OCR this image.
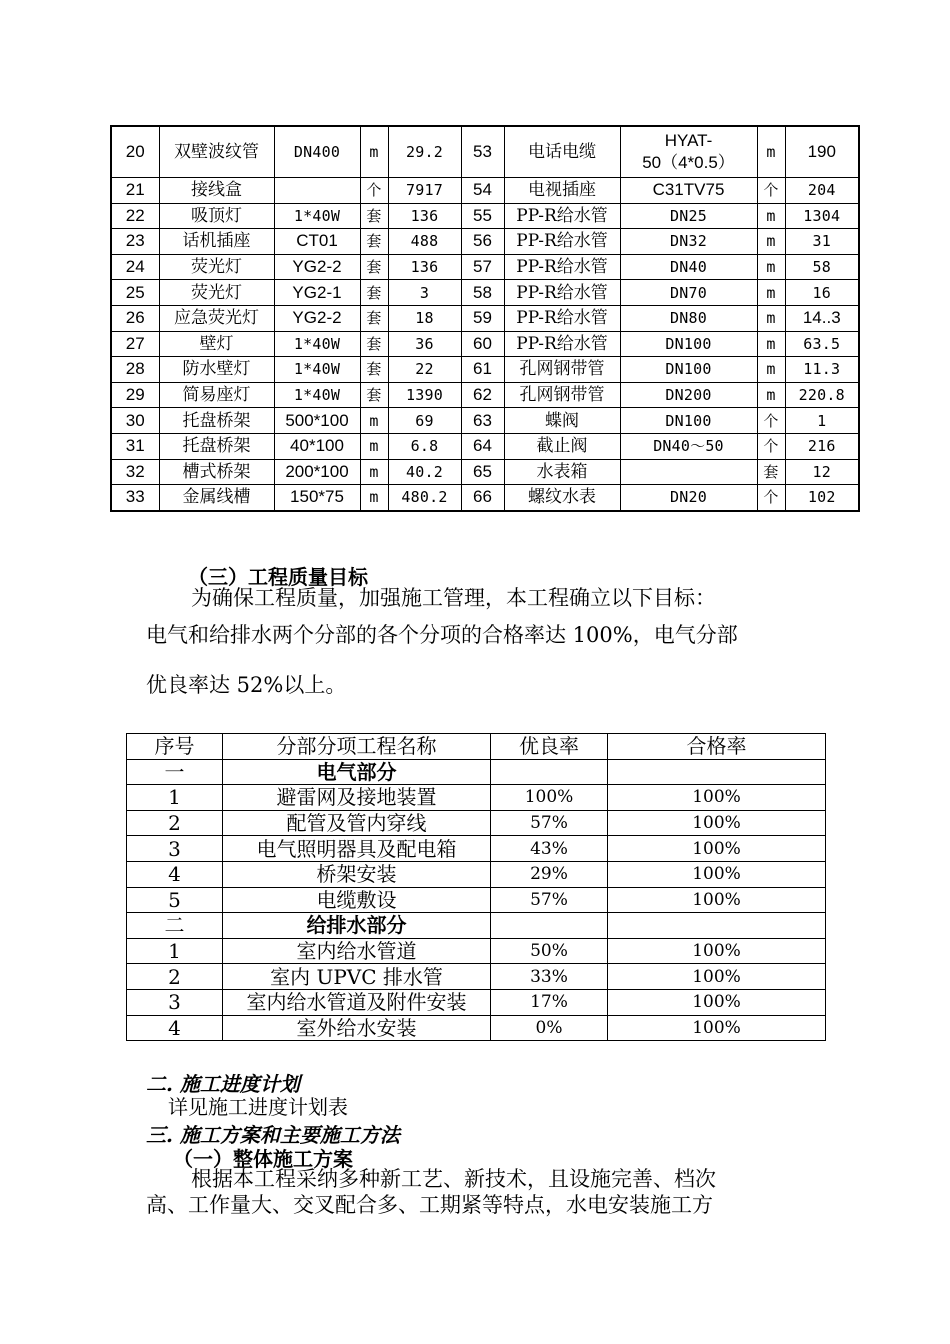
20	双壁波纹管	DN400	m	29.2	53	电话电缆	HYAT-
50（4*0.5）	m	190
21	接线盒		个	7917	54	电视插座	C31TV75	个	204
22	吸顶灯	1*40W	套	136	55	PP-R给水管	DN25	m	1304
23	话机插座	CT01	套	488	56	PP-R给水管	DN32	m	31
24	荧光灯	YG2-2	套	136	57	PP-R给水管	DN40	m	58
25	荧光灯	YG2-1	套	3	58	PP-R给水管	DN70	m	16
26	应急荧光灯	YG2-2	套	18	59	PP-R给水管	DN80	m	14..3
27	壁灯	1*40W	套	36	60	PP-R给水管	DN100	m	63.5
28	防水壁灯	1*40W	套	22	61	孔网钢带管	DN100	m	11.3
29	简易座灯	1*40W	套	1390	62	孔网钢带管	DN200	m	220.8
30	托盘桥架	500*100	m	69	63	蝶阀	DN100	个	1
31	托盘桥架	40*100	m	6.8	64	截止阀	DN40～50	个	216
32	槽式桥架	200*100	m	40.2	65	水表箱		套	12
33	金属线槽	150*75	m	480.2	66	螺纹水表	DN20	个	102
（三）工程质量目标
为确保工程质量，加强施工管理，本工程确立以下目标：
电气和给排水两个分部的各个分项的合格率达 100%，电气分部
优良率达 52%以上。
序号	分部分项工程名称	优良率	合格率
一	电气部分		
1	避雷网及接地装置	100%	100%
2	配管及管内穿线	57%	100%
3	电气照明器具及配电箱	43%	100%
4	桥架安装	29%	100%
5	电缆敷设	57%	100%
二	给排水部分		
1	室内给水管道	50%	100%
2	室内 UPVC 排水管	33%	100%
3	室内给水管道及附件安装	17%	100%
4	室外给水安装	0%	100%
二. 施工进度计划
详见施工进度计划表
三. 施工方案和主要施工方法
（一）整体施工方案
根据本工程采纳多种新工艺、新技术，且设施完善、档次
高、工作量大、交叉配合多、工期紧等特点，水电安装施工方
